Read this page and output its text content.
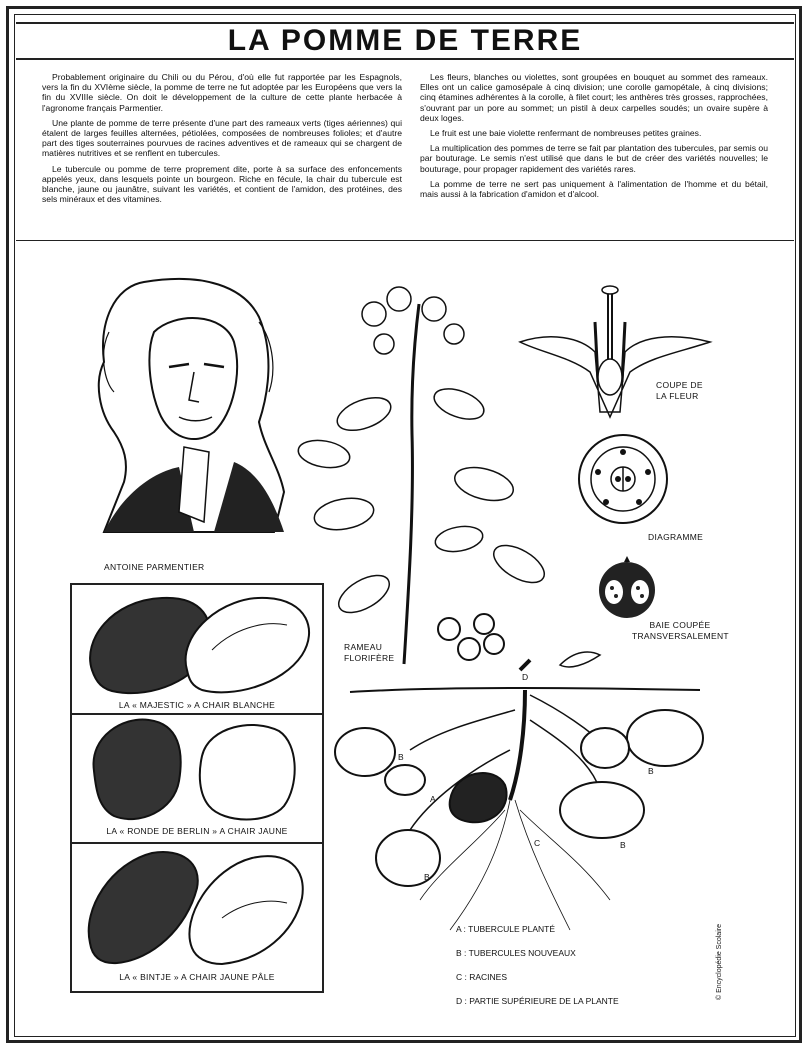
LA POMME DE TERRE

Probablement originaire du Chili ou du Pérou, d'où elle fut rapportée par les Espagnols, vers la fin du XVIème siècle, la pomme de terre ne fut adoptée par les Européens que vers la fin du XVIIIe siècle. On doit le développement de la culture de cette plante herbacée à l'agronome français Parmentier.

Une plante de pomme de terre présente d'une part des rameaux verts (tiges aériennes) qui étalent de larges feuilles alternées, pétiolées, composées de nombreuses folioles; et d'autre part des tiges souterraines pourvues de racines adventives et de rameaux qui se chargent de matières nutritives et se renflent en tubercules.

Le tubercule ou pomme de terre proprement dite, porte à sa surface des enfoncements appelés yeux, dans lesquels pointe un bourgeon. Riche en fécule, la chair du tubercule est blanche, jaune ou jaunâtre, suivant les variétés, et contient de l'amidon, des protéines, des sels minéraux et des vitamines.

Les fleurs, blanches ou violettes, sont groupées en bouquet au sommet des rameaux. Elles ont un calice gamosépale à cinq division; une corolle gamopétale, à cinq divisions; cinq étamines adhérentes à la corolle, à filet court; les anthères très grosses, rapprochées, s'ouvrant par un pore au sommet; un pistil à deux carpelles soudés; un ovaire supère à deux loges.

Le fruit est une baie violette renfermant de nombreuses petites graines.

La multiplication des pommes de terre se fait par plantation des tubercules, par semis ou par bouturage. Le semis n'est utilisé que dans le but de créer des variétés nouvelles; le bouturage, pour propager rapidement des variétés rares.

La pomme de terre ne sert pas uniquement à l'alimentation de l'homme et du bétail, mais aussi à la fabrication d'amidon et d'alcool.

ANTOINE PARMENTIER
RAMEAU
FLORIFÈRE
COUPE DE
LA FLEUR
DIAGRAMME
BAIE COUPÉE
TRANSVERSALEMENT
LA « MAJESTIC » A CHAIR BLANCHE
LA « RONDE DE BERLIN » A CHAIR JAUNE
LA « BINTJE » A CHAIR JAUNE PÂLE
D
B
B
A
B
C
B
A : TUBERCULE PLANTÉ
B : TUBERCULES NOUVEAUX
C : RACINES
D : PARTIE SUPÉRIEURE DE LA PLANTE
© Encyclopédie Scolaire
